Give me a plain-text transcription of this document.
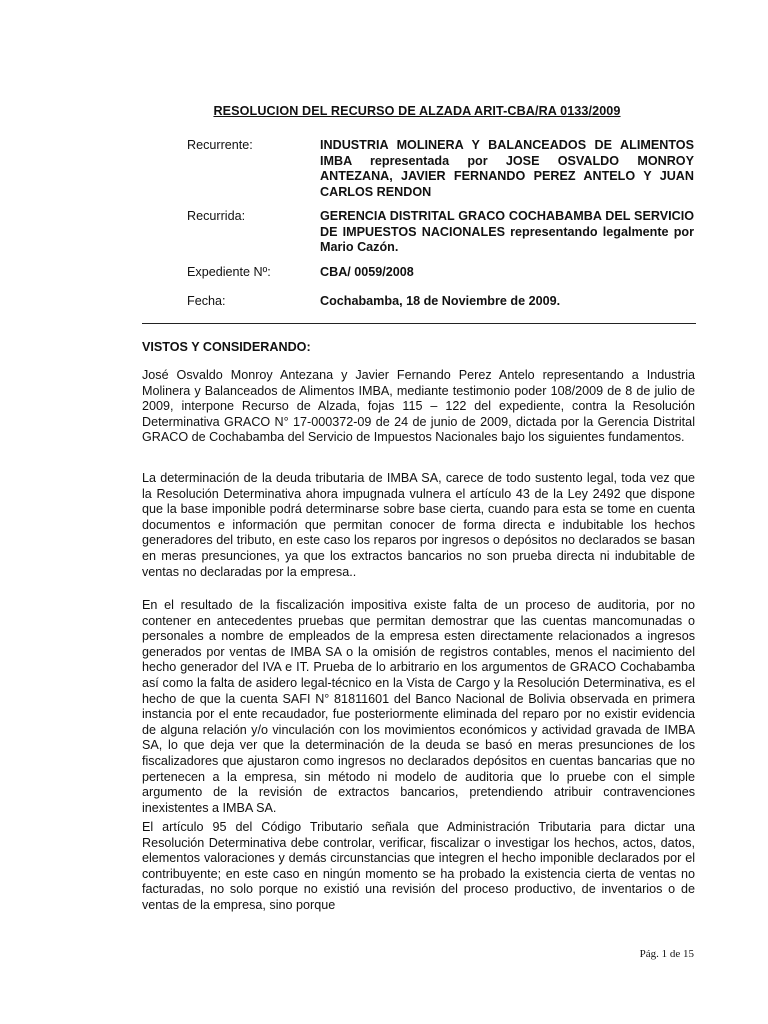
RESOLUCION DEL RECURSO DE ALZADA ARIT-CBA/RA 0133/2009
Recurrente:	INDUSTRIA MOLINERA Y BALANCEADOS DE ALIMENTOS IMBA representada por JOSE OSVALDO MONROY ANTEZANA, JAVIER FERNANDO PEREZ ANTELO Y JUAN CARLOS RENDON
Recurrida:	GERENCIA DISTRITAL GRACO COCHABAMBA DEL SERVICIO DE IMPUESTOS NACIONALES representando legalmente por Mario Cazón.
Expediente Nº:	CBA/ 0059/2008
Fecha:	Cochabamba, 18 de Noviembre de 2009.
VISTOS Y CONSIDERANDO:
José Osvaldo Monroy Antezana y Javier Fernando Perez Antelo representando a Industria Molinera y Balanceados de Alimentos IMBA, mediante testimonio poder 108/2009 de 8 de julio de 2009, interpone Recurso de Alzada, fojas 115 – 122 del expediente, contra la Resolución Determinativa GRACO N° 17-000372-09 de 24 de junio de 2009, dictada por la Gerencia Distrital GRACO de Cochabamba del Servicio de Impuestos Nacionales bajo los siguientes fundamentos.
La determinación de la deuda tributaria de IMBA SA, carece de todo sustento legal, toda vez que la Resolución Determinativa ahora impugnada vulnera el artículo 43 de la Ley 2492 que dispone que la base imponible podrá determinarse sobre base cierta, cuando para esta se tome en cuenta documentos e información que permitan conocer de forma directa e indubitable los hechos generadores del tributo, en este caso los reparos por ingresos o depósitos no declarados se basan en meras presunciones, ya que los extractos bancarios no son prueba directa ni indubitable de ventas no declaradas por la empresa..
En el resultado de la fiscalización impositiva existe falta de un proceso de auditoria, por no contener en antecedentes pruebas que permitan demostrar que las cuentas mancomunadas o personales a nombre de empleados de la empresa esten directamente relacionados a ingresos generados por ventas de IMBA SA o la omisión de registros contables, menos el nacimiento del hecho generador del IVA e IT. Prueba de lo arbitrario en los argumentos de GRACO Cochabamba así como la falta de asidero legal-técnico en la Vista de Cargo y la Resolución Determinativa, es el hecho de que la cuenta SAFI N° 81811601 del Banco Nacional de Bolivia observada en primera instancia por el ente recaudador, fue posteriormente eliminada del reparo por no existir evidencia de alguna relación y/o vinculación con los movimientos económicos y actividad gravada de IMBA SA, lo que deja ver que la determinación de la deuda se basó en meras presunciones de los fiscalizadores que ajustaron como ingresos no declarados depósitos en cuentas bancarias que no pertenecen a la empresa, sin método ni modelo de auditoria que lo pruebe con el simple argumento de la revisión de extractos bancarios, pretendiendo atribuir contravenciones inexistentes a IMBA SA.
El artículo 95 del Código Tributario señala que Administración Tributaria para dictar una Resolución Determinativa debe controlar, verificar, fiscalizar o investigar los hechos, actos, datos, elementos valoraciones y demás circunstancias que integren el hecho imponible declarados por el contribuyente; en este caso en ningún momento se ha probado la existencia cierta de ventas no facturadas, no solo porque no existió una revisión del proceso productivo, de inventarios o de ventas de la empresa, sino porque
Pág. 1 de 15
